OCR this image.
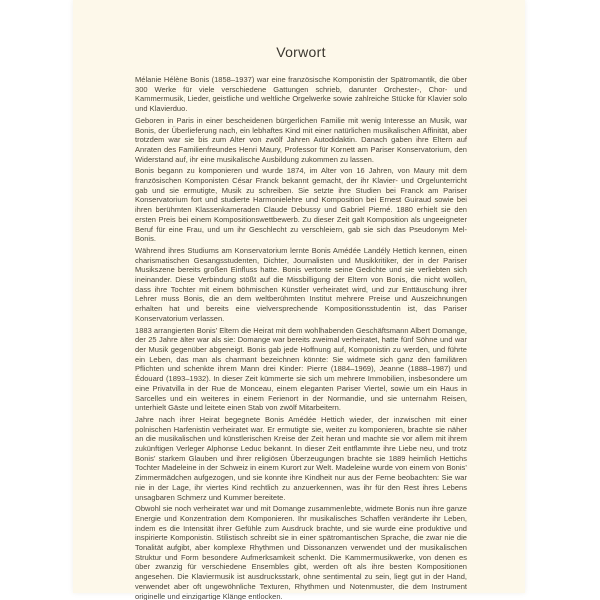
Vorwort

Mélanie Hélène Bonis (1858–1937) war eine französische Komponistin der Spätromantik, die über 300 Werke für viele verschiedene Gattungen schrieb, darunter Orchester-, Chor- und Kammermusik, Lieder, geistliche und weltliche Orgelwerke sowie zahlreiche Stücke für Klavier solo und Klavierduo.

Geboren in Paris in einer bescheidenen bürgerlichen Familie mit wenig Interesse an Musik, war Bonis, der Überlieferung nach, ein lebhaftes Kind mit einer natürlichen musikalischen Affinität, aber trotzdem war sie bis zum Alter von zwölf Jahren Autodidaktin. Danach gaben ihre Eltern auf Anraten des Familienfreundes Henri Maury, Professor für Kornett am Pariser Konservatorium, den Widerstand auf, ihr eine musikalische Ausbildung zukommen zu lassen.

Bonis begann zu komponieren und wurde 1874, im Alter von 16 Jahren, von Maury mit dem französischen Komponisten César Franck bekannt gemacht, der ihr Klavier- und Orgelunterricht gab und sie ermutigte, Musik zu schreiben. Sie setzte ihre Studien bei Franck am Pariser Konservatorium fort und studierte Harmonielehre und Komposition bei Ernest Guiraud sowie bei ihren berühmten Klassenkameraden Claude Debussy und Gabriel Pierné. 1880 erhielt sie den ersten Preis bei einem Kompositionswettbewerb. Zu dieser Zeit galt Komposition als ungeeigneter Beruf für eine Frau, und um ihr Geschlecht zu verschleiern, gab sie sich das Pseudonym Mel-Bonis.

Während ihres Studiums am Konservatorium lernte Bonis Amédée Landély Hettich kennen, einen charismatischen Gesangsstudenten, Dichter, Journalisten und Musikkritiker, der in der Pariser Musikszene bereits großen Einfluss hatte. Bonis vertonte seine Gedichte und sie verliebten sich ineinander. Diese Verbindung stößt auf die Missbilligung der Eltern von Bonis, die nicht wollen, dass ihre Tochter mit einem böhmischen Künstler verheiratet wird, und zur Enttäuschung ihrer Lehrer muss Bonis, die an dem weltberühmten Institut mehrere Preise und Auszeichnungen erhalten hat und bereits eine vielversprechende Kompositionsstudentin ist, das Pariser Konservatorium verlassen.

1883 arrangierten Bonis’ Eltern die Heirat mit dem wohlhabenden Geschäftsmann Albert Domange, der 25 Jahre älter war als sie: Domange war bereits zweimal verheiratet, hatte fünf Söhne und war der Musik gegenüber abgeneigt. Bonis gab jede Hoffnung auf, Komponistin zu werden, und führte ein Leben, das man als charmant bezeichnen könnte: Sie widmete sich ganz den familiären Pflichten und schenkte ihrem Mann drei Kinder: Pierre (1884–1969), Jeanne (1888–1987) und Édouard (1893–1932). In dieser Zeit kümmerte sie sich um mehrere Immobilien, insbesondere um eine Privatvilla in der Rue de Monceau, einem eleganten Pariser Viertel, sowie um ein Haus in Sarcelles und ein weiteres in einem Ferienort in der Normandie, und sie unternahm Reisen, unterhielt Gäste und leitete einen Stab von zwölf Mitarbeitern.

Jahre nach ihrer Heirat begegnete Bonis Amédée Hettich wieder, der inzwischen mit einer polnischen Harfenistin verheiratet war. Er ermutigte sie, weiter zu komponieren, brachte sie näher an die musikalischen und künstlerischen Kreise der Zeit heran und machte sie vor allem mit ihrem zukünftigen Verleger Alphonse Leduc bekannt. In dieser Zeit entflammte ihre Liebe neu, und trotz Bonis’ starkem Glauben und ihrer religiösen Überzeugungen brachte sie 1889 heimlich Hettichs Tochter Madeleine in der Schweiz in einem Kurort zur Welt. Madeleine wurde von einem von Bonis’ Zimmermädchen aufgezogen, und sie konnte ihre Kindheit nur aus der Ferne beobachten: Sie war nie in der Lage, ihr viertes Kind rechtlich zu anzuerkennen, was ihr für den Rest ihres Lebens unsagbaren Schmerz und Kummer bereitete.

Obwohl sie noch verheiratet war und mit Domange zusammenlebte, widmete Bonis nun ihre ganze Energie und Konzentration dem Komponieren. Ihr musikalisches Schaffen veränderte ihr Leben, indem es die Intensität ihrer Gefühle zum Ausdruck brachte, und sie wurde eine produktive und inspirierte Komponistin. Stilistisch schreibt sie in einer spätromantischen Sprache, die zwar nie die Tonalität aufgibt, aber komplexe Rhythmen und Dissonanzen verwendet und der musikalischen Struktur und Form besondere Aufmerksamkeit schenkt. Die Kammermusikwerke, von denen es über zwanzig für verschiedene Ensembles gibt, werden oft als ihre besten Kompositionen angesehen. Die Klaviermusik ist ausdrucksstark, ohne sentimental zu sein, liegt gut in der Hand, verwendet aber oft ungewöhnliche Texturen, Rhythmen und Notenmuster, die dem Instrument originelle und einzigartige Klänge entlocken.
